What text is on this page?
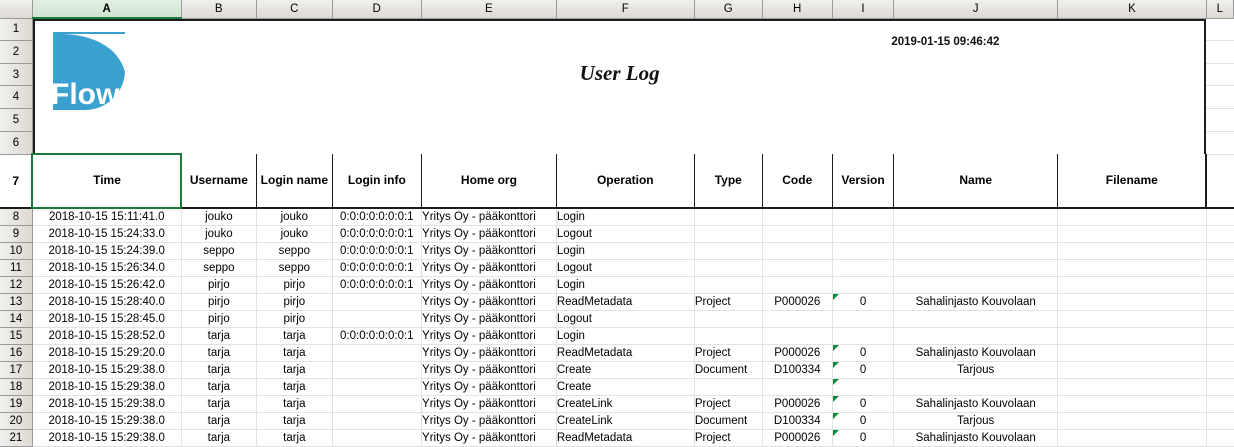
	A	B	C	D	E	F	G	H	I	J	K	L
1	Flow
User Log
2019-01-15 09:46:42											

2												
3												
4												
5												
6												
7	Time	Username	Login name	Login info	Home org	Operation	Type	Code	Version	Name	Filename	
8	2018-10-15 15:11:41.0	jouko	jouko	0:0:0:0:0:0:0:1	Yritys Oy - pääkonttori	Login						
9	2018-10-15 15:24:33.0	jouko	jouko	0:0:0:0:0:0:0:1	Yritys Oy - pääkonttori	Logout						
10	2018-10-15 15:24:39.0	seppo	seppo	0:0:0:0:0:0:0:1	Yritys Oy - pääkonttori	Login						
11	2018-10-15 15:26:34.0	seppo	seppo	0:0:0:0:0:0:0:1	Yritys Oy - pääkonttori	Logout						
12	2018-10-15 15:26:42.0	pirjo	pirjo	0:0:0:0:0:0:0:1	Yritys Oy - pääkonttori	Login						
13	2018-10-15 15:28:40.0	pirjo	pirjo		Yritys Oy - pääkonttori	ReadMetadata	Project	P000026	0	Sahalinjasto Kouvolaan		
14	2018-10-15 15:28:45.0	pirjo	pirjo		Yritys Oy - pääkonttori	Logout						
15	2018-10-15 15:28:52.0	tarja	tarja	0:0:0:0:0:0:0:1	Yritys Oy - pääkonttori	Login						
16	2018-10-15 15:29:20.0	tarja	tarja		Yritys Oy - pääkonttori	ReadMetadata	Project	P000026	0	Sahalinjasto Kouvolaan		
17	2018-10-15 15:29:38.0	tarja	tarja		Yritys Oy - pääkonttori	Create	Document	D100334	0	Tarjous		
18	2018-10-15 15:29:38.0	tarja	tarja		Yritys Oy - pääkonttori	Create						
19	2018-10-15 15:29:38.0	tarja	tarja		Yritys Oy - pääkonttori	CreateLink	Project	P000026	0	Sahalinjasto Kouvolaan		
20	2018-10-15 15:29:38.0	tarja	tarja		Yritys Oy - pääkonttori	CreateLink	Document	D100334	0	Tarjous		
21	2018-10-15 15:29:38.0	tarja	tarja		Yritys Oy - pääkonttori	ReadMetadata	Project	P000026	0	Sahalinjasto Kouvolaan		
